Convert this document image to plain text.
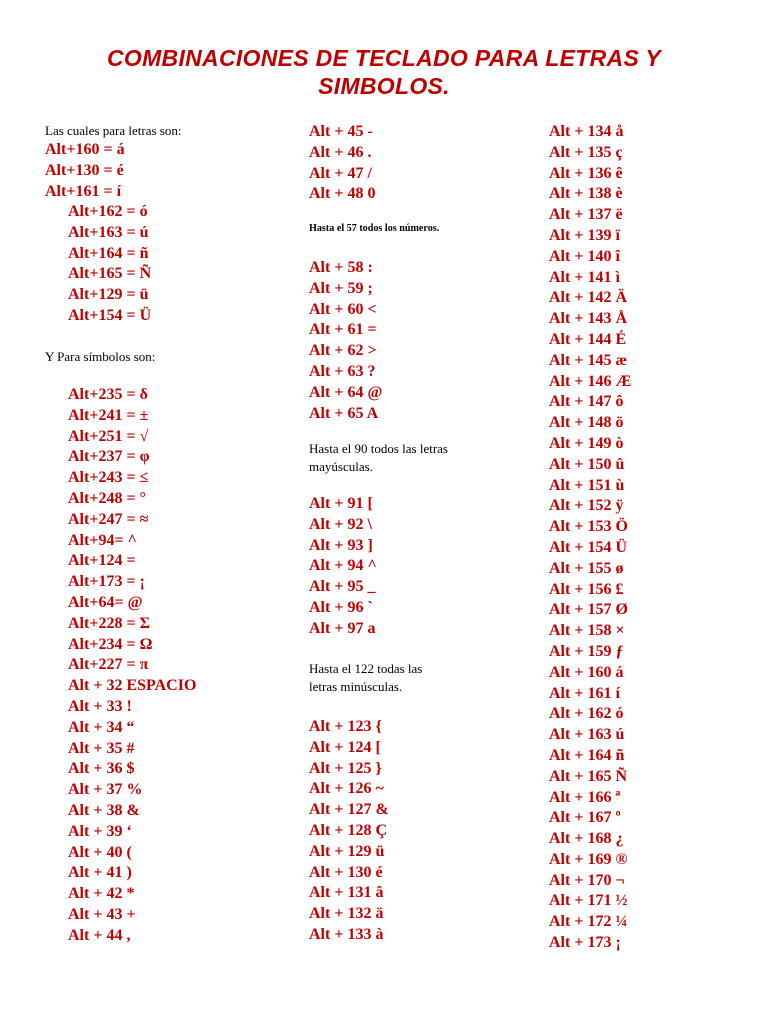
COMBINACIONES DE TECLADO PARA LETRAS Y SIMBOLOS.
Las cuales para letras son:
Alt+160 = á
Alt+130 = é
Alt+161 = í
Alt+162 = ó
Alt+163 = ú
Alt+164 = ñ
Alt+165 = Ñ
Alt+129 = ü
Alt+154 = Ü
Y Para símbolos son:
Alt+235 = δ
Alt+241 = ±
Alt+251 = √
Alt+237 = φ
Alt+243 = ≤
Alt+248 = °
Alt+247 = ≈
Alt+94= ^
Alt+124 =
Alt+173 = ¡
Alt+64= @
Alt+228 = Σ
Alt+234 = Ω
Alt+227 = π
Alt + 32 ESPACIO
Alt + 33 !
Alt + 34 “
Alt + 35 #
Alt + 36 $
Alt + 37 %
Alt + 38 &
Alt + 39 ‘
Alt + 40 (
Alt + 41 )
Alt + 42 *
Alt + 43 +
Alt + 44 ,
Alt + 45 -
Alt + 46 .
Alt + 47 /
Alt + 48 0
Hasta el 57 todos los números.
Alt + 58 :
Alt + 59 ;
Alt + 60 <
Alt + 61 =
Alt + 62 >
Alt + 63 ?
Alt + 64 @
Alt + 65 A
Hasta el 90 todos las letras
mayúsculas.
Alt + 91 [
Alt + 92 \
Alt + 93 ]
Alt + 94 ^
Alt + 95 _
Alt + 96 `
Alt + 97 a
Hasta el 122 todas las
letras minúsculas.
Alt + 123 {
Alt + 124 [
Alt + 125 }
Alt + 126 ~
Alt + 127 &
Alt + 128 Ç
Alt + 129 ü
Alt + 130 é
Alt + 131 â
Alt + 132 ä
Alt + 133 à
Alt + 134 å
Alt + 135 ç
Alt + 136 ê
Alt + 138 è
Alt + 137 ë
Alt + 139 ï
Alt + 140 î
Alt + 141 ì
Alt + 142 Ä
Alt + 143 Å
Alt + 144 É
Alt + 145 æ
Alt + 146 Æ
Alt + 147 ô
Alt + 148 ö
Alt + 149 ò
Alt + 150 û
Alt + 151 ù
Alt + 152 ÿ
Alt + 153 Ö
Alt + 154 Ü
Alt + 155 ø
Alt + 156 £
Alt + 157 Ø
Alt + 158 ×
Alt + 159 ƒ
Alt + 160 á
Alt + 161 í
Alt + 162 ó
Alt + 163 ú
Alt + 164 ñ
Alt + 165 Ñ
Alt + 166 ª
Alt + 167 º
Alt + 168 ¿
Alt + 169 ®
Alt + 170 ¬
Alt + 171 ½
Alt + 172 ¼
Alt + 173 ¡
